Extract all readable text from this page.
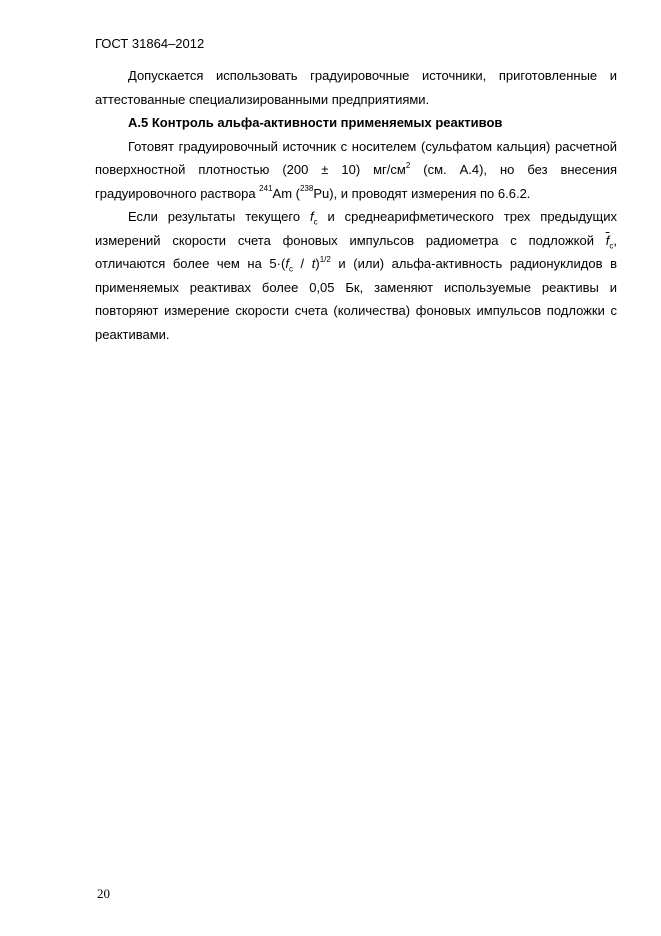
ГОСТ 31864–2012

Допускается использовать градуировочные источники, приготовленные и аттестованные специализированными предприятиями.

А.5 Контроль альфа-активности применяемых реактивов

Готовят градуировочный источник с носителем (сульфатом кальция) расчетной поверхностной плотностью (200 ± 10) $мг/см^2$ (см. А.4), но без внесения градуировочного раствора $^{241}$Am ($^{238}$Pu), и проводят измерения по 6.6.2.

Если результаты текущего $f_c$ и среднеарифметического трех предыдущих измерений скорости счета фоновых импульсов радиометра с подложкой $\overline{f}_c$, отличаются более чем на $5\cdot(f_c / t)^{1/2}$ и (или) альфа-активность радионуклидов в применяемых реактивах более 0,05 Бк, заменяют используемые реактивы и повторяют измерение скорости счета (количества) фоновых импульсов подложки с реактивами.

20
